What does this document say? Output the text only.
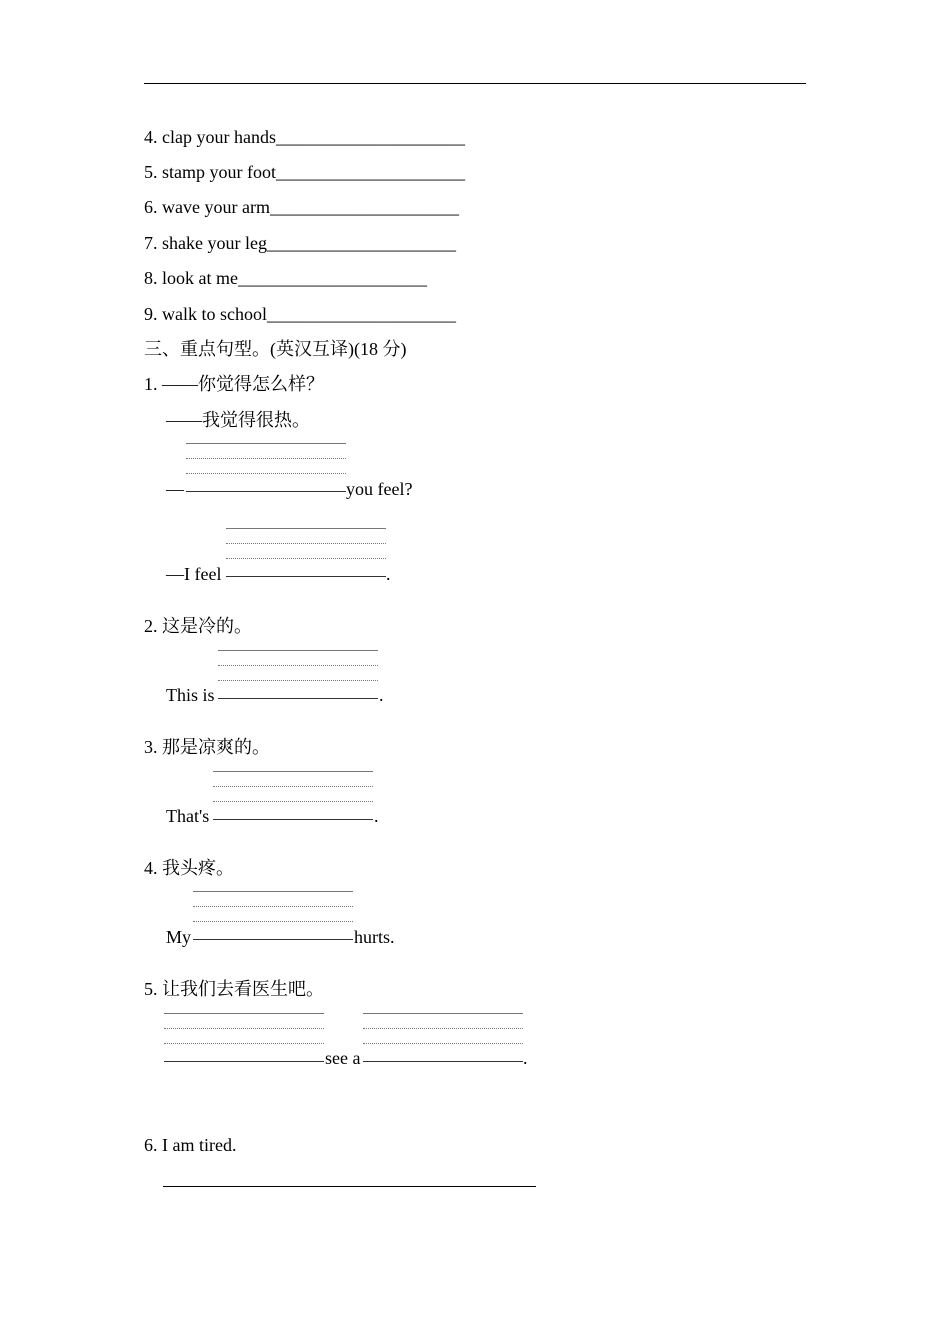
4. clap your hands_____________________
5. stamp your foot_____________________
6. wave your arm_____________________
7. shake your leg_____________________
8. look at me_____________________
9. walk to school_____________________
三、重点句型。(英汉互译)(18 分)
1. ——你觉得怎么样？
——我觉得很热。
—	you feel?
—I feel	.
2. 这是冷的。
This is	.
3. 那是凉爽的。
That's	.
4. 我头疼。
My	hurts.
5. 让我们去看医生吧。
see a	.
6. I am tired.
